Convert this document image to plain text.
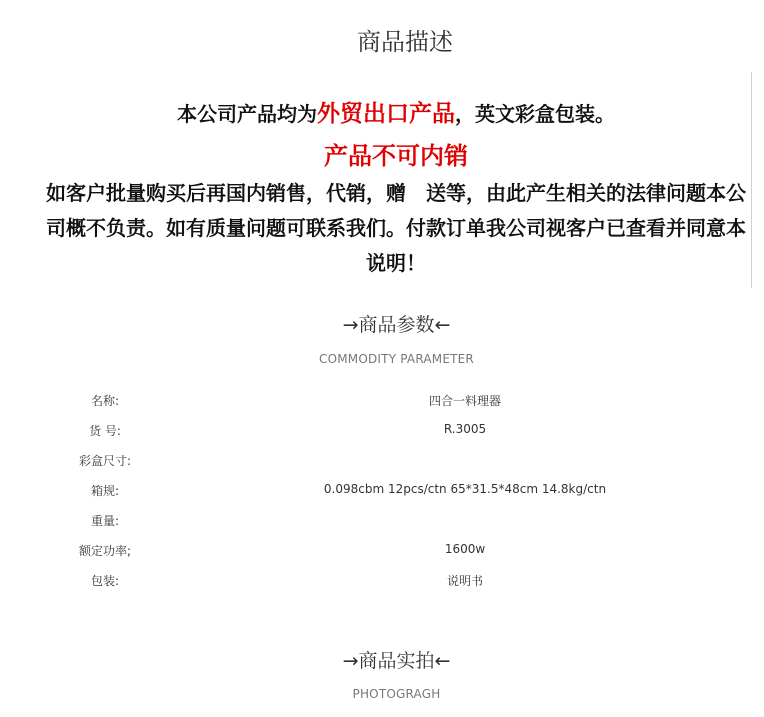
商品描述
本公司产品均为外贸出口产品，英文彩盒包装。
产品不可内销
如客户批量购买后再国内销售，代销，赠　送等，由此产生相关的法律问题本公司概不负责。如有质量问题可联系我们。付款订单我公司视客户已查看并同意本说明！
→商品参数←
COMMODITY PARAMETER
名称:	四合一料理器
货 号:	R.3005
彩盒尺寸:
箱规:	0.098cbm 12pcs/ctn 65*31.5*48cm 14.8kg/ctn
重量:
额定功率;	1600w
包装:	说明书
→商品实拍←
PHOTOGRAGH
